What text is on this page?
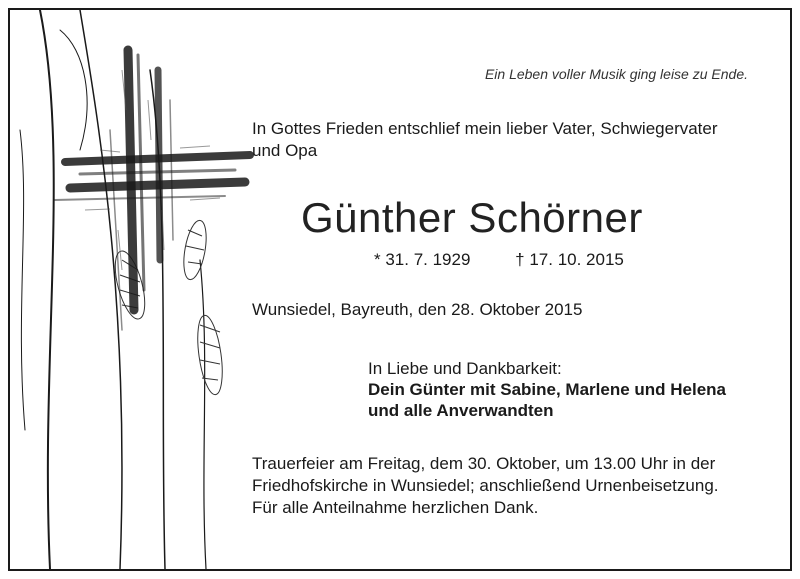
Ein Leben voller Musik ging leise zu Ende.
In Gottes Frieden entschlief mein lieber Vater, Schwiegervater
und Opa
Günther Schörner
* 31. 7. 1929	† 17. 10. 2015
Wunsiedel, Bayreuth, den 28. Oktober 2015
In Liebe und Dankbarkeit:
Dein Günter mit Sabine, Marlene und Helena
und alle Anverwandten
Trauerfeier am Freitag, dem 30. Oktober, um 13.00 Uhr in der
Friedhofskirche in Wunsiedel; anschließend Urnenbeisetzung.
Für alle Anteilnahme herzlichen Dank.
